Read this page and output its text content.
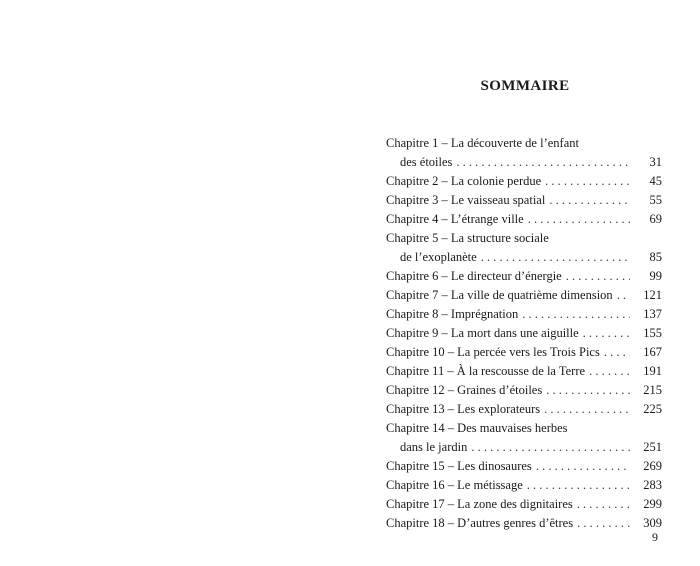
SOMMAIRE
Chapitre 1 – La découverte de l’enfant
des étoiles . . .	31
Chapitre 2 – La colonie perdue . . .	45
Chapitre 3 – Le vaisseau spatial . . .	55
Chapitre 4 – L’étrange ville . . .	69
Chapitre 5 – La structure sociale
de l’exoplanète . . .	85
Chapitre 6 – Le directeur d’énergie . . .	99
Chapitre 7 – La ville de quatrième dimension . . .	121
Chapitre 8 – Imprégnation . . .	137
Chapitre 9 – La mort dans une aiguille . . .	155
Chapitre 10 – La percée vers les Trois Pics . . .	167
Chapitre 11 – À la rescousse de la Terre . . .	191
Chapitre 12 – Graines d’étoiles . . .	215
Chapitre 13 – Les explorateurs . . .	225
Chapitre 14 – Des mauvaises herbes
dans le jardin . . .	251
Chapitre 15 – Les dinosaures . . .	269
Chapitre 16 – Le métissage . . .	283
Chapitre 17 – La zone des dignitaires . . .	299
Chapitre 18 – D’autres genres d’êtres . . .	309
9
